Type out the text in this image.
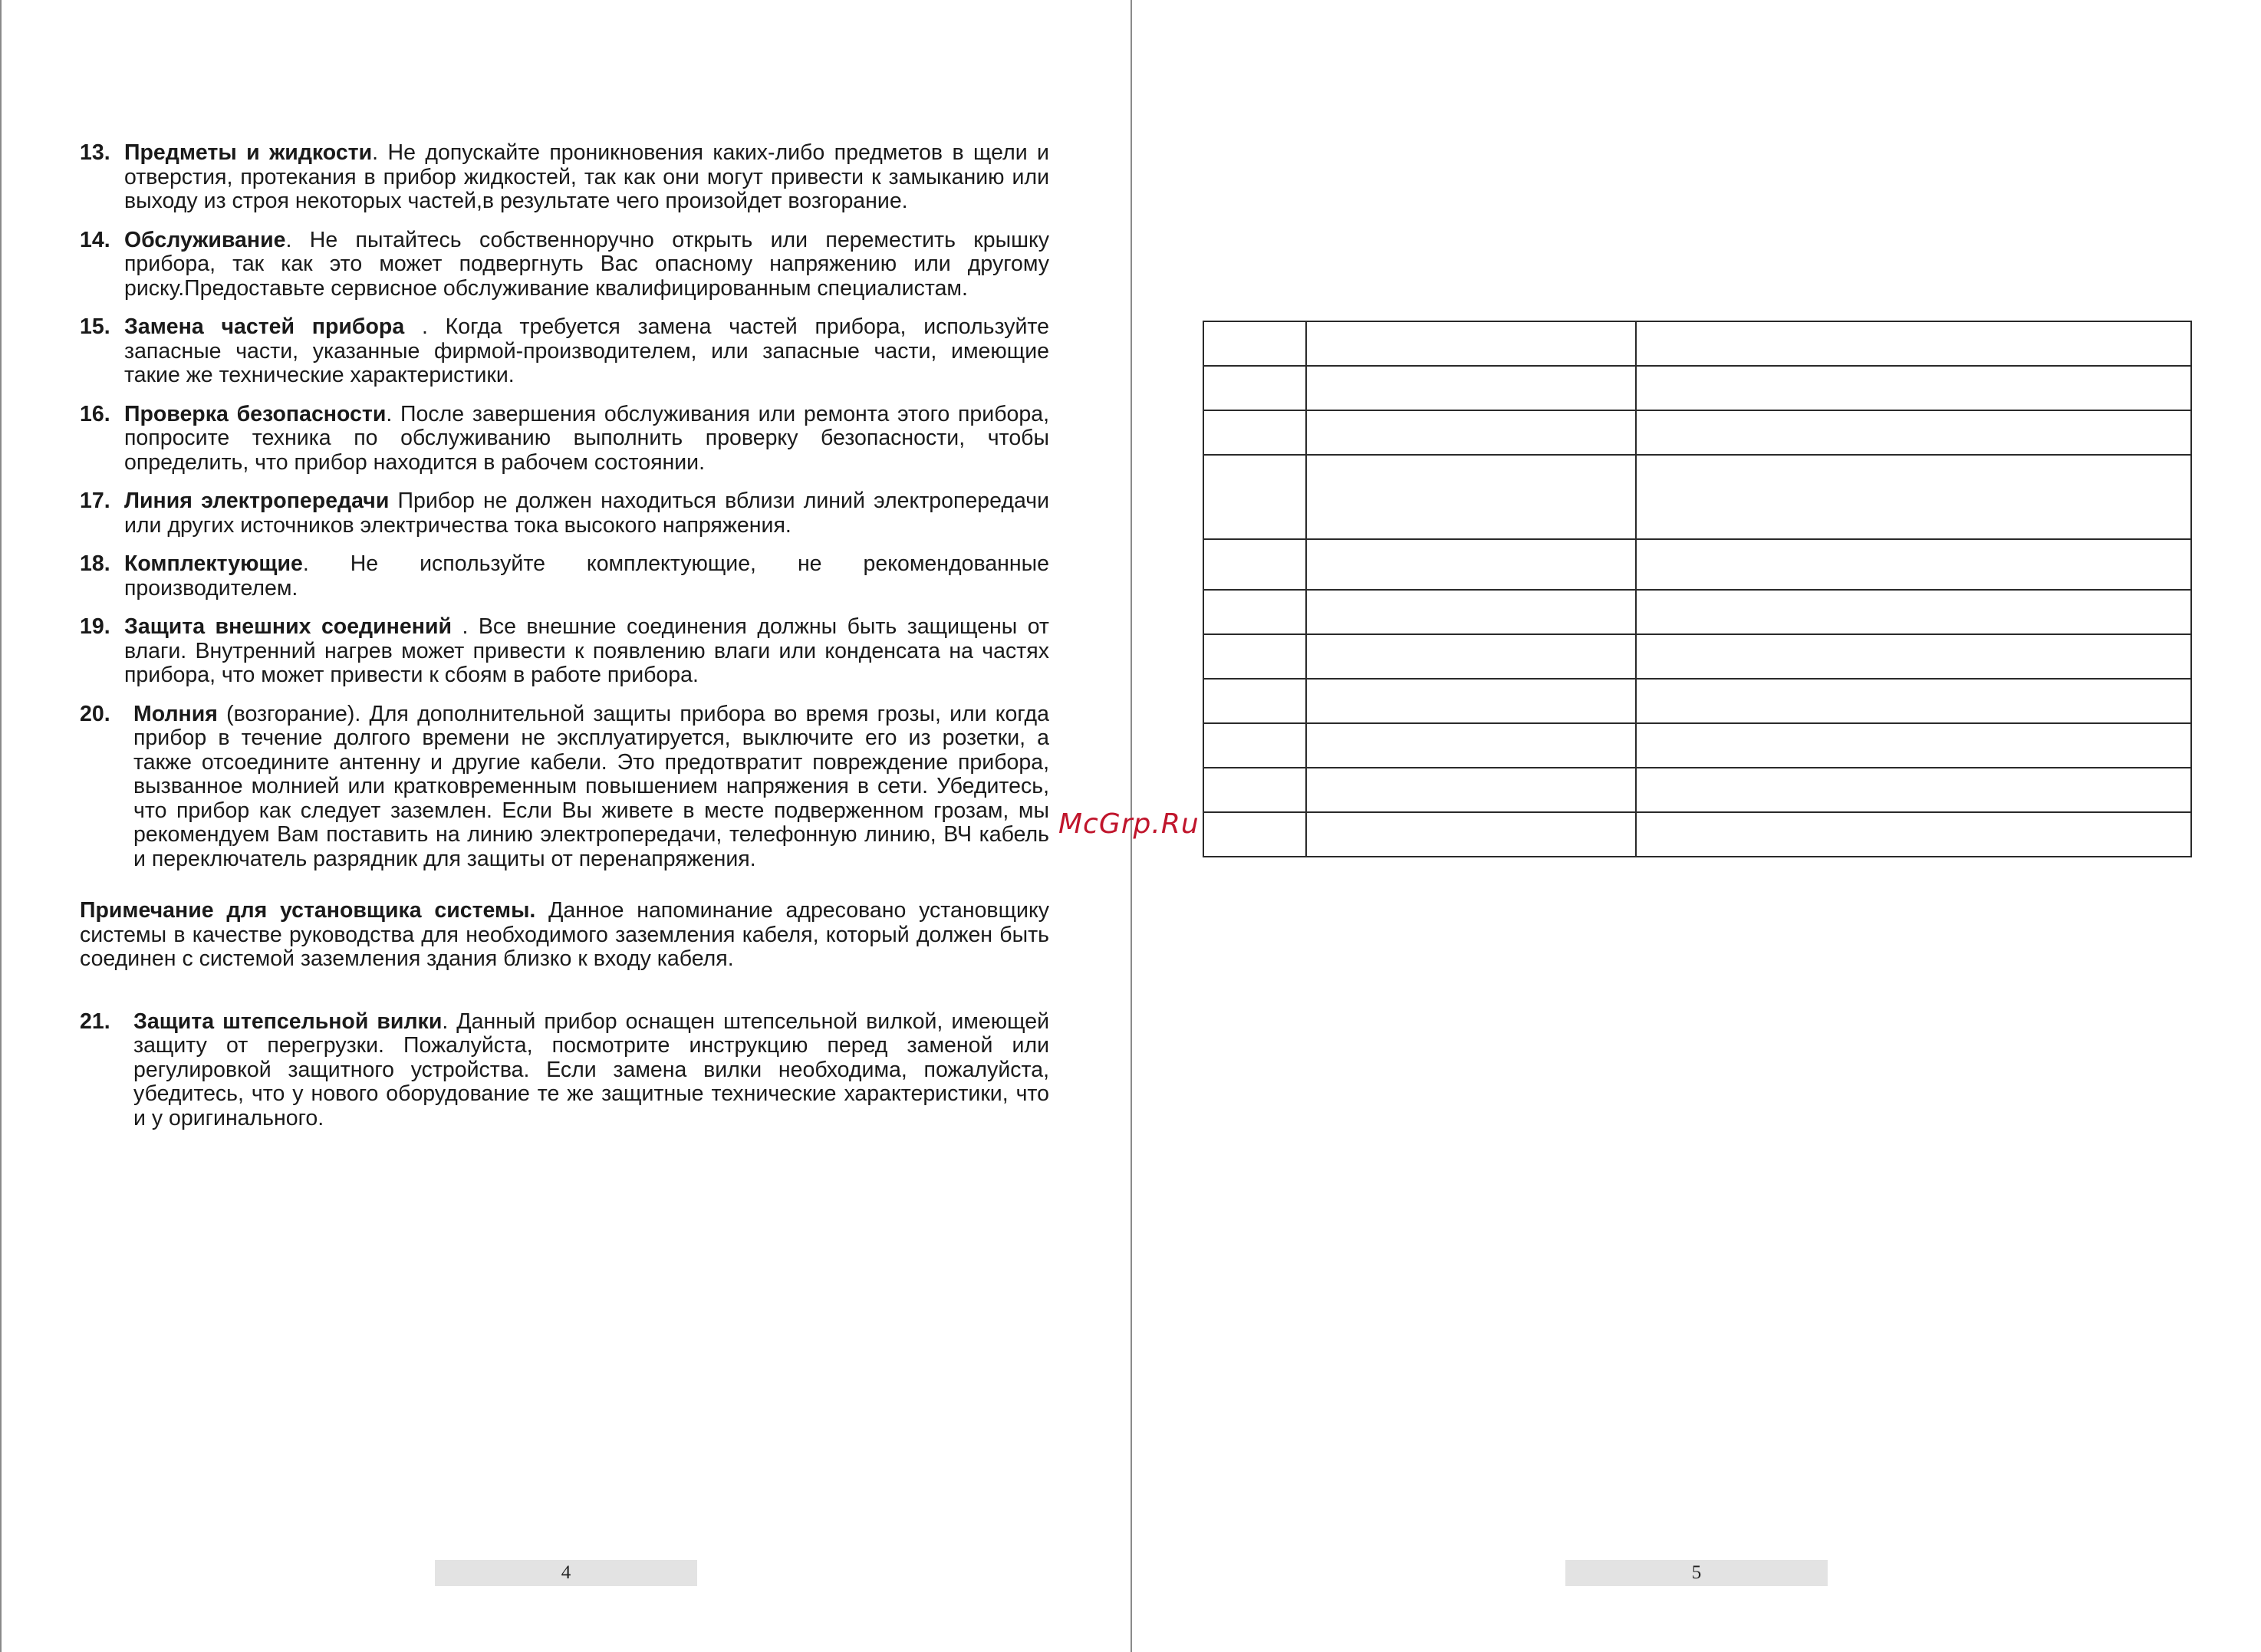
13. Предметы и жидкости. Не допускайте проникновения каких-либо предметов в щели и отверстия, протекания в прибор жидкостей, так как они могут привести к замыканию или выходу из строя некоторых частей,в результате чего произойдет возгорание.
14. Обслуживание. Не пытайтесь собственноручно открыть или переместить крышку прибора, так как это может подвергнуть Вас опасному напряжению или другому риску.Предоставьте сервисное обслуживание квалифицированным специалистам.
15. Замена частей прибора . Когда требуется замена частей прибора, используйте запасные части, указанные фирмой-производителем, или запасные части, имеющие такие же технические характеристики.
16. Проверка безопасности. После завершения обслуживания или ремонта этого прибора, попросите техника по обслуживанию выполнить проверку безопасности, чтобы определить, что прибор находится в рабочем состоянии.
17. Линия электропередачи Прибор не должен находиться вблизи линий электропередачи или других источников электричества тока высокого напряжения.
18. Комплектующие. Не используйте комплектующие, не рекомендованные производителем.
19. Защита внешних соединений . Все внешние соединения должны быть защищены от влаги. Внутренний нагрев может привести к появлению влаги или конденсата на частях прибора, что может привести к сбоям в работе прибора.
20.	Молния (возгорание). Для дополнительной защиты прибора во время грозы, или когда прибор в течение долгого времени не эксплуатируется, выключите его из розетки, а также отсоедините антенну и другие кабели. Это предотвратит повреждение прибора, вызванное молнией или кратковременным повышением напряжения в сети. Убедитесь, что прибор как следует заземлен. Если Вы живете в месте подверженном грозам, мы рекомендуем Вам поставить на линию электропередачи, телефонную линию, ВЧ кабель и переключатель разрядник для защиты от перенапряжения.
Примечание для установщика системы. Данное напоминание адресовано установщику системы в качестве руководства для необходимого заземления кабеля, который должен быть соединен с системой заземления здания близко к входу кабеля.
21.	Защита штепсельной вилки. Данный прибор оснащен штепсельной вилкой, имеющей защиту от перегрузки. Пожалуйста, посмотрите инструкцию перед заменой или регулировкой защитного устройства. Если замена вилки необходима, пожалуйста, убедитесь, что у нового оборудование те же защитные технические характеристики, что и у оригинального.
McGrp.Ru

4	5
